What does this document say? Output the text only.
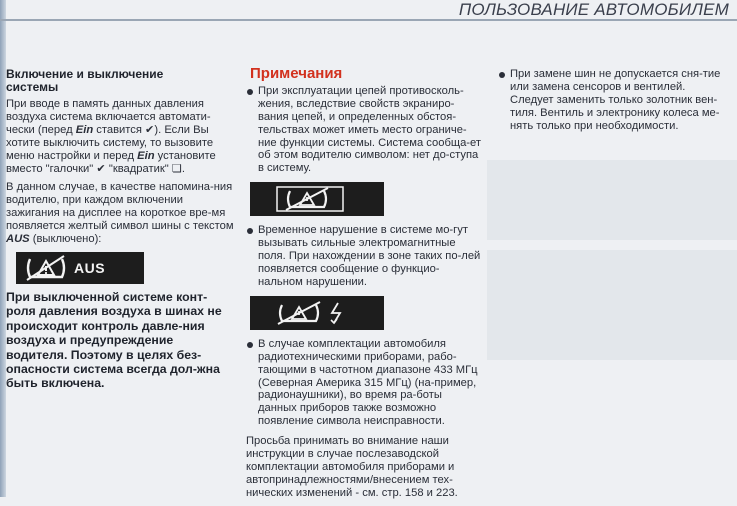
ПОЛЬЗОВАНИЕ АВТОМОБИЛЕМ
Включение и выключение
системы
При вводе в память данных давления воздуха система включается автомати-чески (перед Ein ставится ✔). Если Вы хотите выключить систему, то вызовите меню настройки и перед Ein установите вместо "галочки" ✔ "квадратик" ❏.
В данном случае, в качестве напомина-ния водителю, при каждом включении зажигания на дисплее на короткое вре-мя появляется желтый символ шины с текстом AUS (выключено):
AUS
При выключенной системе конт-роля давления воздуха в шинах не происходит контроль давле-ния воздуха и предупреждение водителя. Поэтому в целях без-опасности система всегда дол-жна быть включена.
Примечания
При эксплуатации цепей противосколь-жения, вследствие свойств экраниро-вания цепей, и определенных обстоя-тельствах может иметь место ограниче-ние функции системы. Система сообща-ет об этом водителю символом: нет до-ступа в систему.
Временное нарушение в системе мо-гут вызывать сильные электромагнитные поля. При нахождении в зоне таких по-лей появляется сообщение о функцио-нальном нарушении.
В случае комплектации автомобиля радиотехническими приборами, рабо-тающими в частотном диапазоне 433 МГц (Северная Америка 315 МГц) (на-пример, радионаушники), во время ра-боты данных приборов также возможно появление символа неисправности.
Просьба принимать во внимание наши инструкции в случае послезаводской комплектации автомобиля приборами и автопринадлежностями/внесением тех-нических изменений - см. стр. 158 и 223.
При замене шин не допускается сня-тие или замена сенсоров и вентилей. Следует заменить только золотник вен-тиля. Вентиль и электронику колеса ме-нять только при необходимости.
